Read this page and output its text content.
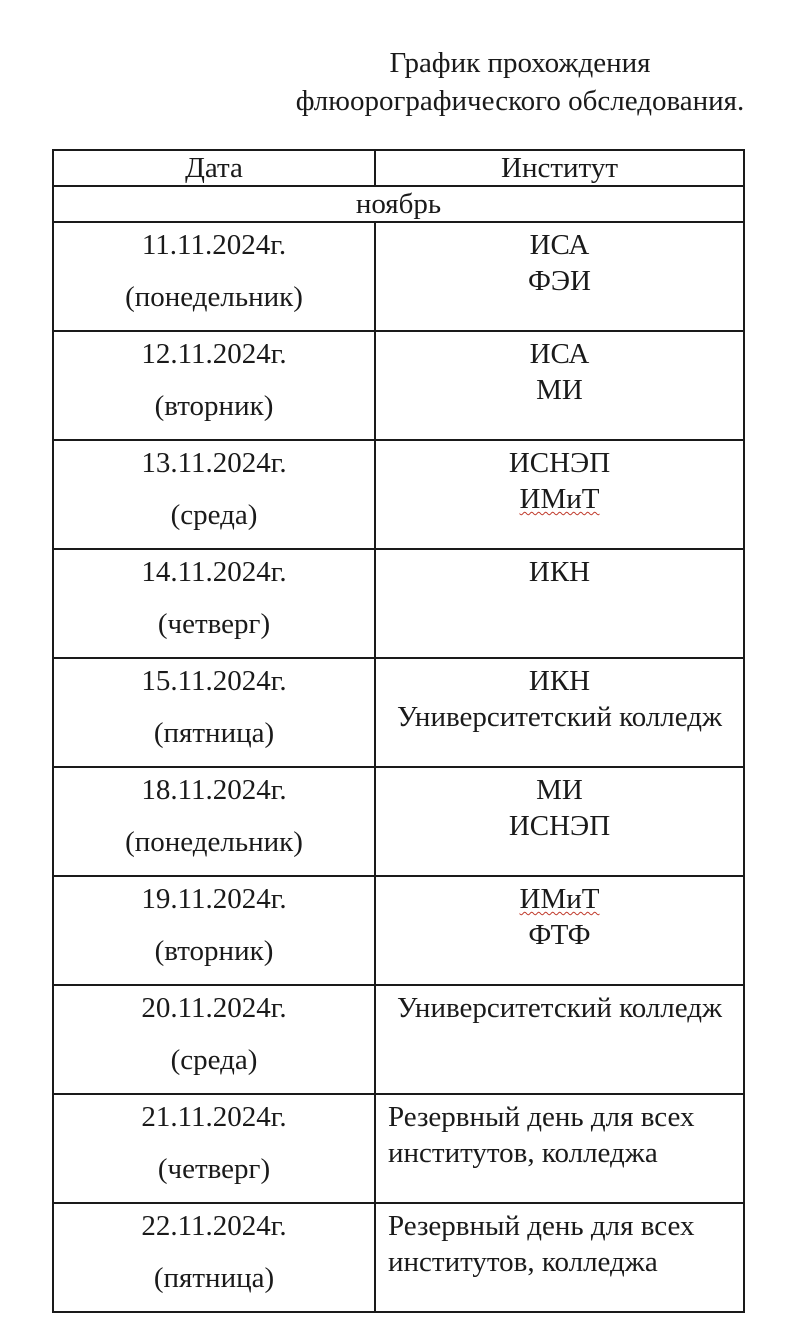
График прохождения
флюорографического обследования.
Дата	Институт
ноябрь	

11.11.2024г.
(понедельник)	ИСА
ФЭИ

12.11.2024г.
(вторник)	ИСА
МИ

13.11.2024г.
(среда)	ИСНЭП
ИМиТ

14.11.2024г.
(четверг)	ИКН

15.11.2024г.
(пятница)	ИКН
Университетский колледж

18.11.2024г.
(понедельник)	МИ
ИСНЭП

19.11.2024г.
(вторник)	ИМиТ
ФТФ

20.11.2024г.
(среда)	Университетский колледж

21.11.2024г.
(четверг)	Резервный день для всех институтов, колледжа

22.11.2024г.
(пятница)	Резервный день для всех институтов, колледжа
